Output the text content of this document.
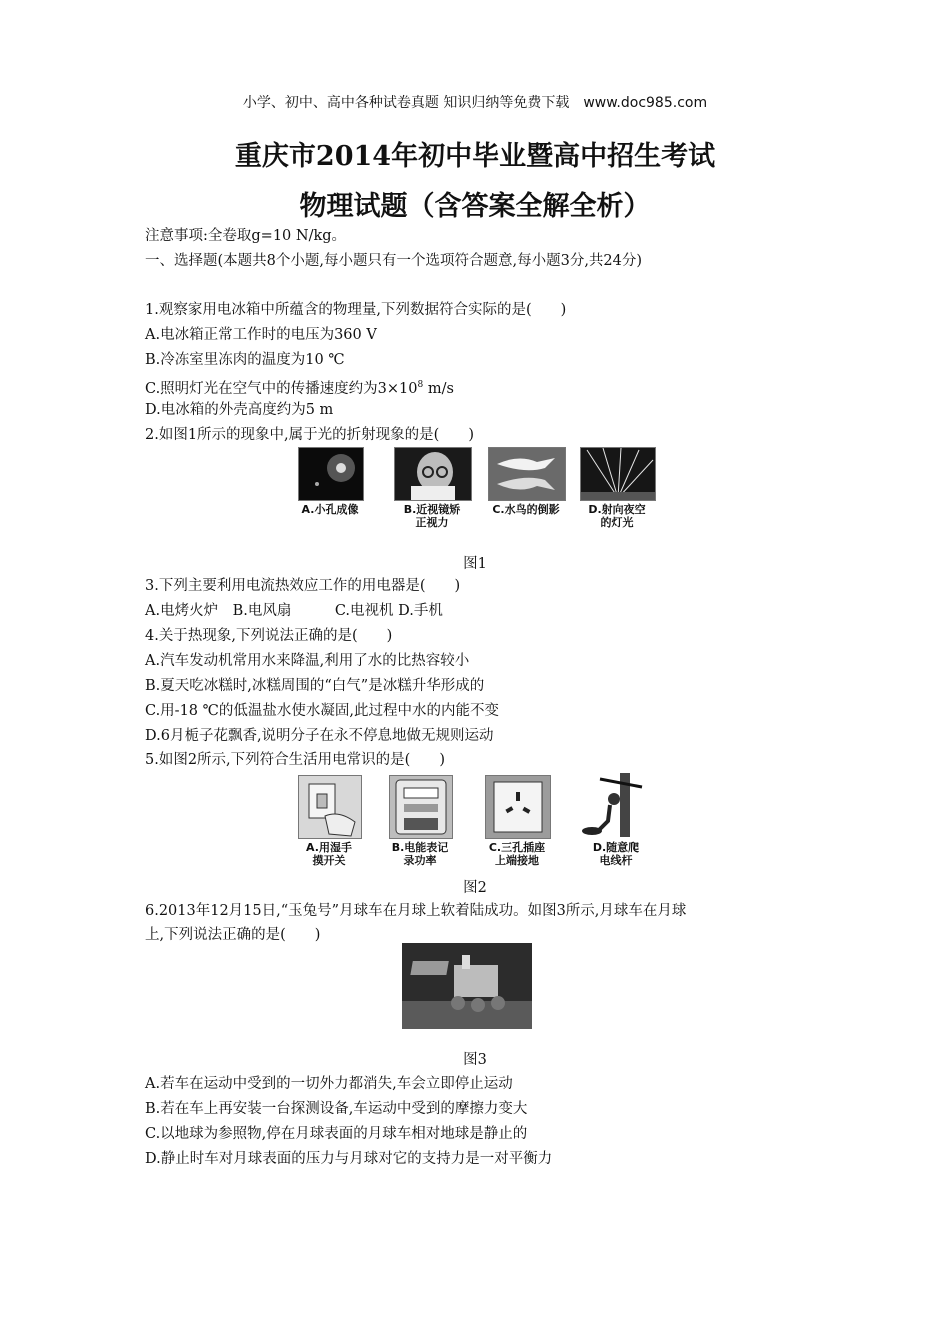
小学、初中、高中各种试卷真题 知识归纳等免费下载　www.doc985.com
重庆市2014年初中毕业暨高中招生考试
物理试题（含答案全解全析）
注意事项:全卷取g=10 N/kg。
一、选择题(本题共8个小题,每小题只有一个选项符合题意,每小题3分,共24分)
1.观察家用电冰箱中所蕴含的物理量,下列数据符合实际的是(　　)
A.电冰箱正常工作时的电压为360 V
B.冷冻室里冻肉的温度为10 ℃
C.照明灯光在空气中的传播速度约为$3\times 10^8$ m/s
D.电冰箱的外壳高度约为5 m
2.如图1所示的现象中,属于光的折射现象的是(　　)
A.小孔成像	B.近视镜矫
正视力
C.水鸟的倒影	D.射向夜空
的灯光
图1
3.下列主要利用电流热效应工作的用电器是(　　)
A.电烤火炉　B.电风扇　　　C.电视机 D.手机
4.关于热现象,下列说法正确的是(　　)
A.汽车发动机常用水来降温,利用了水的比热容较小
B.夏天吃冰糕时,冰糕周围的“白气”是冰糕升华形成的
C.用-18 ℃的低温盐水使水凝固,此过程中水的内能不变
D.6月栀子花飘香,说明分子在永不停息地做无规则运动
5.如图2所示,下列符合生活用电常识的是(　　)
A.用湿手
摸开关
B.电能表记
录功率
C.三孔插座
上端接地
D.随意爬
电线杆
图2
6.2013年12月15日,“玉兔号”月球车在月球上软着陆成功。如图3所示,月球车在月球
上,下列说法正确的是(　　)
图3
A.若车在运动中受到的一切外力都消失,车会立即停止运动
B.若在车上再安装一台探测设备,车运动中受到的摩擦力变大
C.以地球为参照物,停在月球表面的月球车相对地球是静止的
D.静止时车对月球表面的压力与月球对它的支持力是一对平衡力
